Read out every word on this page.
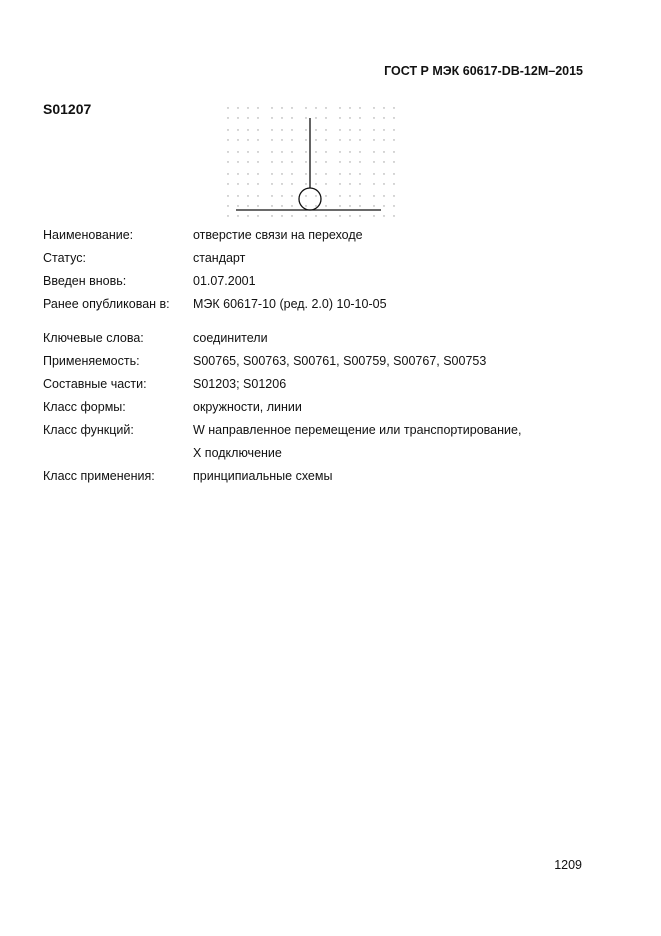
ГОСТ Р МЭК 60617-DB-12M–2015
S01207
Наименование:	отверстие связи на переходе
Статус:	стандарт
Введен вновь:	01.07.2001
Ранее опубликован в:	МЭК 60617-10 (ред. 2.0) 10-10-05
Ключевые слова:	соединители
Применяемость:	S00765, S00763, S00761, S00759, S00767, S00753
Составные части:	S01203; S01206
Класс формы:	окружности, линии
Класс функций:	W направленное перемещение или транспортирование,
X подключение
Класс применения:	принципиальные схемы
1209
